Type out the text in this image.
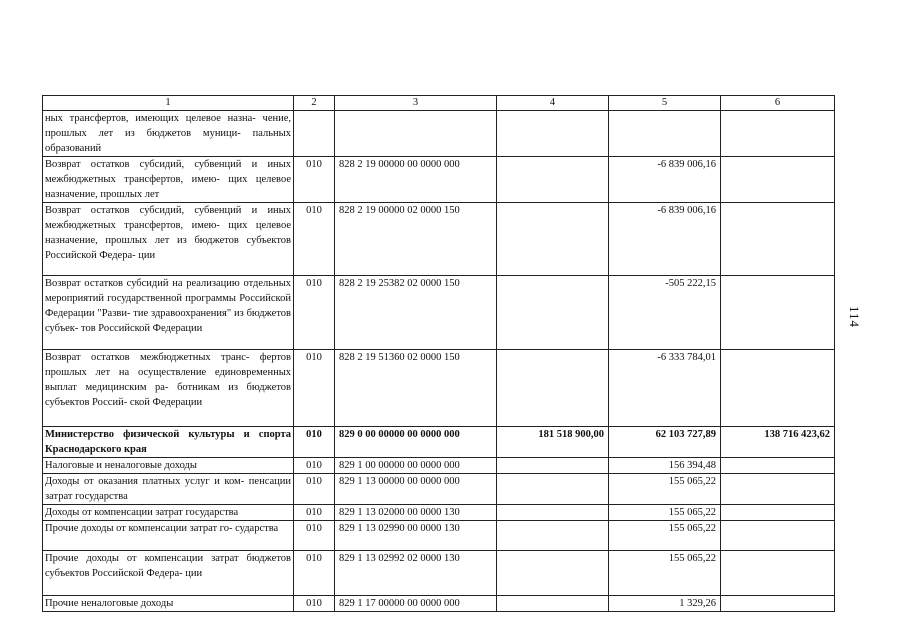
1	2	3	4	5	6
ных трансфертов, имеющих целевое назна- чение, прошлых лет из бюджетов муници- пальных образований					
Возврат остатков субсидий, субвенций и иных межбюджетных трансфертов, имею- щих целевое назначение, прошлых лет	010	828 2 19 00000 00 0000 000		-6 839 006,16	
Возврат остатков субсидий, субвенций и иных межбюджетных трансфертов, имею- щих целевое назначение, прошлых лет из бюджетов субъектов Российской Федера- ции	010	828 2 19 00000 02 0000 150		-6 839 006,16	
Возврат остатков субсидий на реализацию отдельных мероприятий государственной программы Российской Федерации "Разви- тие здравоохранения" из бюджетов субъек- тов Российской Федерации	010	828 2 19 25382 02 0000 150		-505 222,15	
Возврат остатков межбюджетных транс- фертов прошлых лет на осуществление единовременных выплат медицинским ра- ботникам из бюджетов субъектов Россий- ской Федерации	010	828 2 19 51360 02 0000 150		-6 333 784,01	
Министерство физической культуры и спорта Краснодарского края	010	829 0 00 00000 00 0000 000	181 518 900,00	62 103 727,89	138 716 423,62
Налоговые и неналоговые доходы	010	829 1 00 00000 00 0000 000		156 394,48	
Доходы от оказания платных услуг и ком- пенсации затрат государства	010	829 1 13 00000 00 0000 000		155 065,22	
Доходы от компенсации затрат государства	010	829 1 13 02000 00 0000 130		155 065,22	
Прочие доходы от компенсации затрат го- сударства	010	829 1 13 02990 00 0000 130		155 065,22	
Прочие доходы от компенсации затрат бюджетов субъектов Российской Федера- ции	010	829 1 13 02992 02 0000 130		155 065,22	
Прочие неналоговые доходы	010	829 1 17 00000 00 0000 000		1 329,26	
114
